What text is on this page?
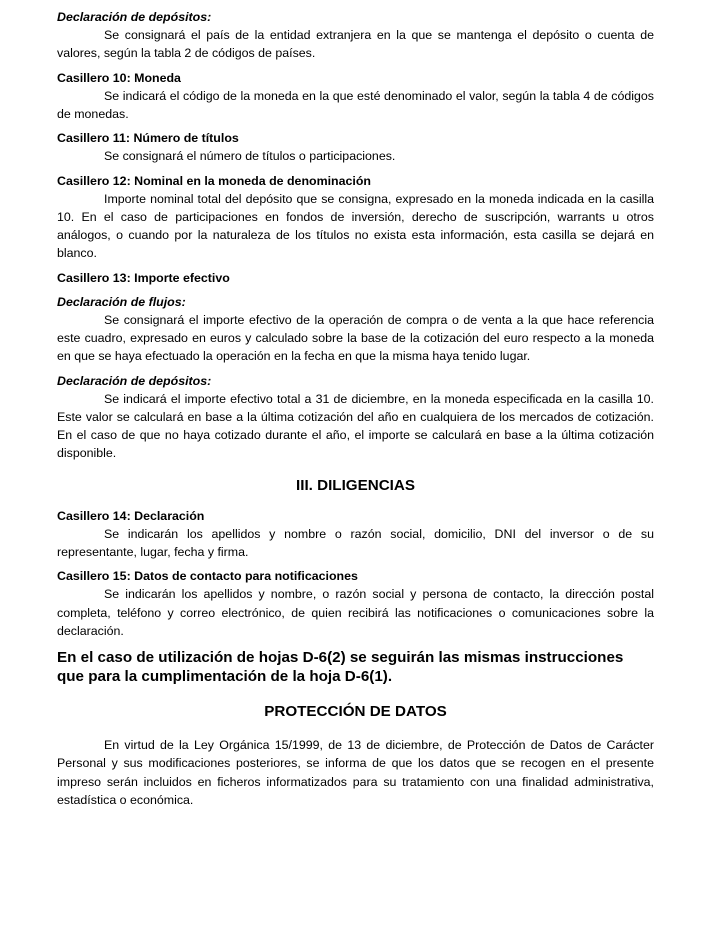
Declaración de depósitos:

Se consignará el país de la entidad extranjera en la que se mantenga el depósito o cuenta de valores, según la tabla 2 de códigos de países.

Casillero 10: Moneda

Se indicará el código de la moneda en la que esté denominado el valor, según la tabla 4 de códigos de monedas.

Casillero 11: Número de títulos

Se consignará el número de títulos o participaciones.

Casillero 12: Nominal en la moneda de denominación

Importe nominal total del depósito que se consigna, expresado en la moneda indicada en la casilla 10. En el caso de participaciones en fondos de inversión, derecho de suscripción, warrants u otros análogos, o cuando por la naturaleza de los títulos no exista esta información, esta casilla se dejará en blanco.

Casillero 13: Importe efectivo
Declaración de flujos:

Se consignará el importe efectivo de la operación de compra o de venta a la que hace referencia este cuadro, expresado en euros y calculado sobre la base de la cotización del euro respecto a la moneda en que se haya efectuado la operación en la fecha en que la misma haya tenido lugar.

Declaración de depósitos:

Se indicará el importe efectivo total a 31 de diciembre, en la moneda especificada en la casilla 10. Este valor se calculará en base a la última cotización del año en cualquiera de los mercados de cotización. En el caso de que no haya cotizado durante el año, el importe se calculará en base a la última cotización disponible.

III. DILIGENCIAS
Casillero 14: Declaración

Se indicarán los apellidos y nombre o razón social, domicilio, DNI del inversor o de su representante, lugar, fecha y firma.

Casillero 15: Datos de contacto para notificaciones

Se indicarán los apellidos y nombre, o razón social y persona de contacto, la dirección postal completa, teléfono y correo electrónico, de quien recibirá las notificaciones o comunicaciones sobre la declaración.

En el caso de utilización de hojas D-6(2) se seguirán las mismas instrucciones que para la cumplimentación de la hoja D-6(1).
PROTECCIÓN DE DATOS

En virtud de la Ley Orgánica 15/1999, de 13 de diciembre, de Protección de Datos de Carácter Personal y sus modificaciones posteriores, se informa de que los datos que se recogen en el presente impreso serán incluidos en ficheros informatizados para su tratamiento con una finalidad administrativa, estadística o económica.
